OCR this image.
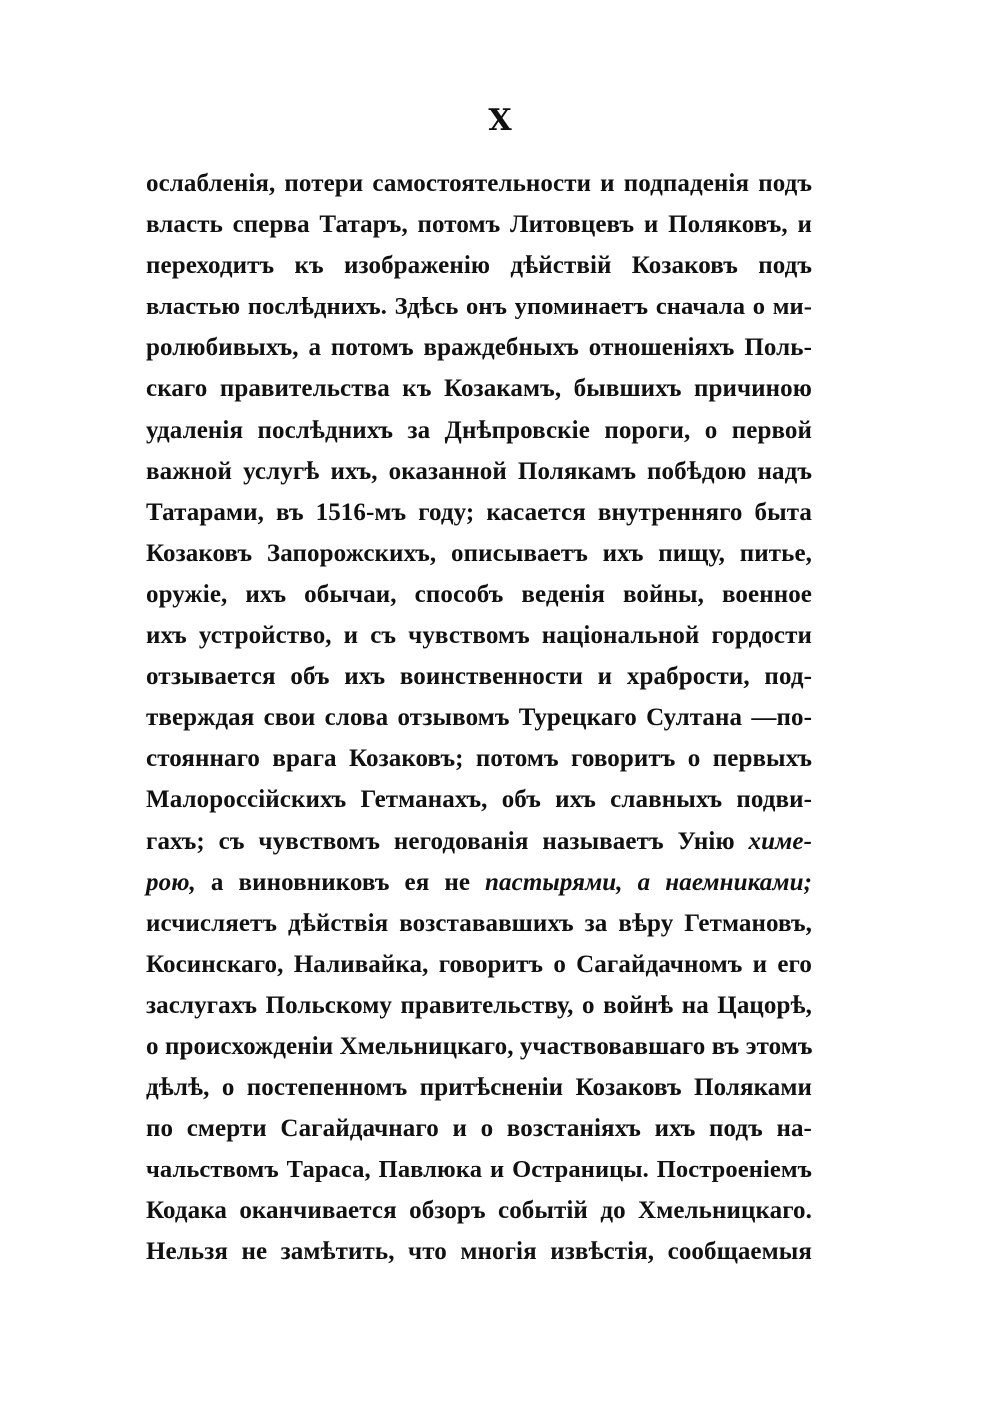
X
ослабленія, потери самостоятельности и подпаденія подъ
власть сперва Татаръ, потомъ Литовцевъ и Поляковъ, и
переходитъ къ изображенію дѣйствій Козаковъ подъ
властью послѣднихъ. Здѣсь онъ упоминаетъ сначала о ми-
ролюбивыхъ, а потомъ враждебныхъ отношеніяхъ Поль-
скаго правительства къ Козакамъ, бывшихъ причиною
удаленія послѣднихъ за Днѣпровскіе пороги, о первой
важной услугѣ ихъ, оказанной Полякамъ побѣдою надъ
Татарами, въ 1516-мъ году; касается внутренняго быта
Козаковъ Запорожскихъ, описываетъ ихъ пищу, питье,
оружіе, ихъ обычаи, способъ веденія войны, военное
ихъ устройство, и съ чувствомъ національной гордости
отзывается объ ихъ воинственности и храбрости, под-
тверждая свои слова отзывомъ Турецкаго Султана —по-
стояннаго врага Козаковъ; потомъ говоритъ о первыхъ
Малороссійскихъ Гетманахъ, объ ихъ славныхъ подви-
гахъ; съ чувствомъ негодованія называетъ Унію химе-
рою, а виновниковъ ея не пастырями, а наемниками;
исчисляетъ дѣйствія возстававшихъ за вѣру Гетмановъ,
Косинскаго, Наливайка, говоритъ о Сагайдачномъ и его
заслугахъ Польскому правительству, о войнѣ на Цацорѣ,
о происхожденіи Хмельницкаго, участвовавшаго въ этомъ
дѣлѣ, о постепенномъ притѣсненіи Козаковъ Поляками
по смерти Сагайдачнаго и о возстаніяхъ ихъ подъ на-
чальствомъ Тараса, Павлюка и Остраницы. Построеніемъ
Кодака оканчивается обзоръ событій до Хмельницкаго.
Нельзя не замѣтить, что многія извѣстія, сообщаемыя
